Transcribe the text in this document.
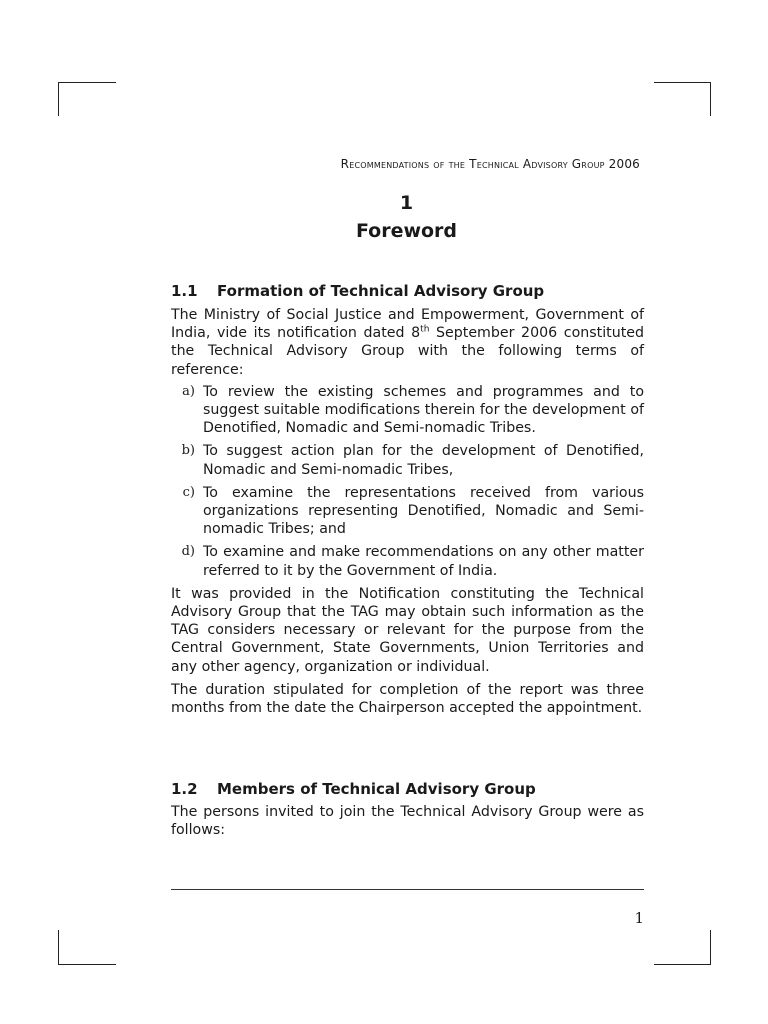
Recommendations of the Technical Advisory Group 2006
1
Foreword
1.1	Formation of Technical Advisory Group

The Ministry of Social Justice and Empowerment, Government of India, vide its notification dated 8th September 2006 constituted the Technical Advisory Group with the following terms of reference:

a) To review the existing schemes and programmes and to suggest suitable modifications therein for the development of Denotified, Nomadic and Semi-nomadic Tribes.
b) To suggest action plan for the development of Denotified, Nomadic and Semi-nomadic Tribes,
c) To examine the representations received from various organizations representing Denotified, Nomadic and Semi-nomadic Tribes; and
d) To examine and make recommendations on any other matter referred to it by the Government of India.

It was provided in the Notification constituting the Technical Advisory Group that the TAG may obtain such information as the TAG considers necessary or relevant for the purpose from the Central Government, State Governments, Union Territories and any other agency, organization or individual.

The duration stipulated for completion of the report was three months from the date the Chairperson accepted the appointment.

1.2	Members of Technical Advisory Group

The persons invited to join the Technical Advisory Group were as follows:

1
